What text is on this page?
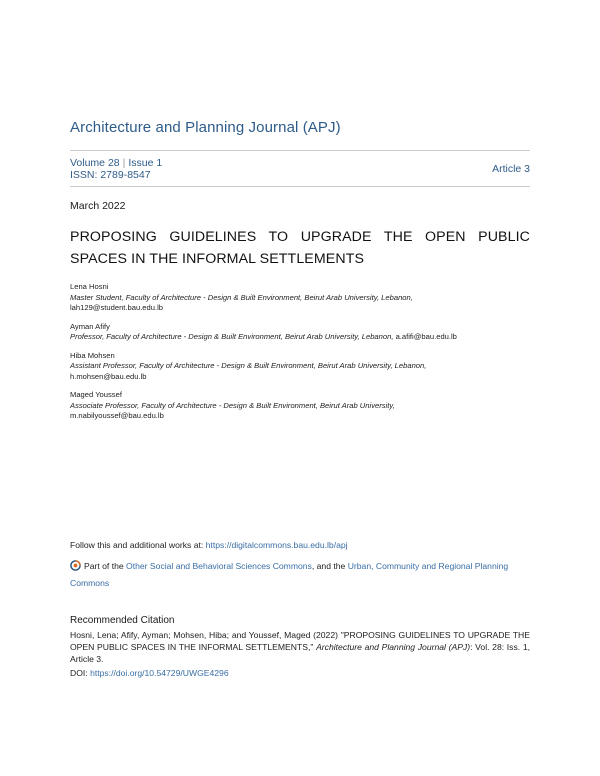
Architecture and Planning Journal (APJ)
Volume 28 | Issue 1
ISSN: 2789-8547	Article 3
March 2022
PROPOSING GUIDELINES TO UPGRADE THE OPEN PUBLIC SPACES IN THE INFORMAL SETTLEMENTS
Lena Hosni
Master Student, Faculty of Architecture - Design & Built Environment, Beirut Arab University, Lebanon,
lah129@student.bau.edu.lb
Ayman Afify
Professor, Faculty of Architecture - Design & Built Environment, Beirut Arab University, Lebanon, a.afifi@bau.edu.lb
Hiba Mohsen
Assistant Professor, Faculty of Architecture - Design & Built Environment, Beirut Arab University, Lebanon,
h.mohsen@bau.edu.lb
Maged Youssef
Associate Professor, Faculty of Architecture - Design & Built Environment, Beirut Arab University,
m.nabilyoussef@bau.edu.lb
Follow this and additional works at: https://digitalcommons.bau.edu.lb/apj
Part of the Other Social and Behavioral Sciences Commons, and the Urban, Community and Regional Planning Commons
Recommended Citation
Hosni, Lena; Afify, Ayman; Mohsen, Hiba; and Youssef, Maged (2022) "PROPOSING GUIDELINES TO UPGRADE THE OPEN PUBLIC SPACES IN THE INFORMAL SETTLEMENTS," Architecture and Planning Journal (APJ): Vol. 28: Iss. 1, Article 3.
DOI: https://doi.org/10.54729/UWGE4296
